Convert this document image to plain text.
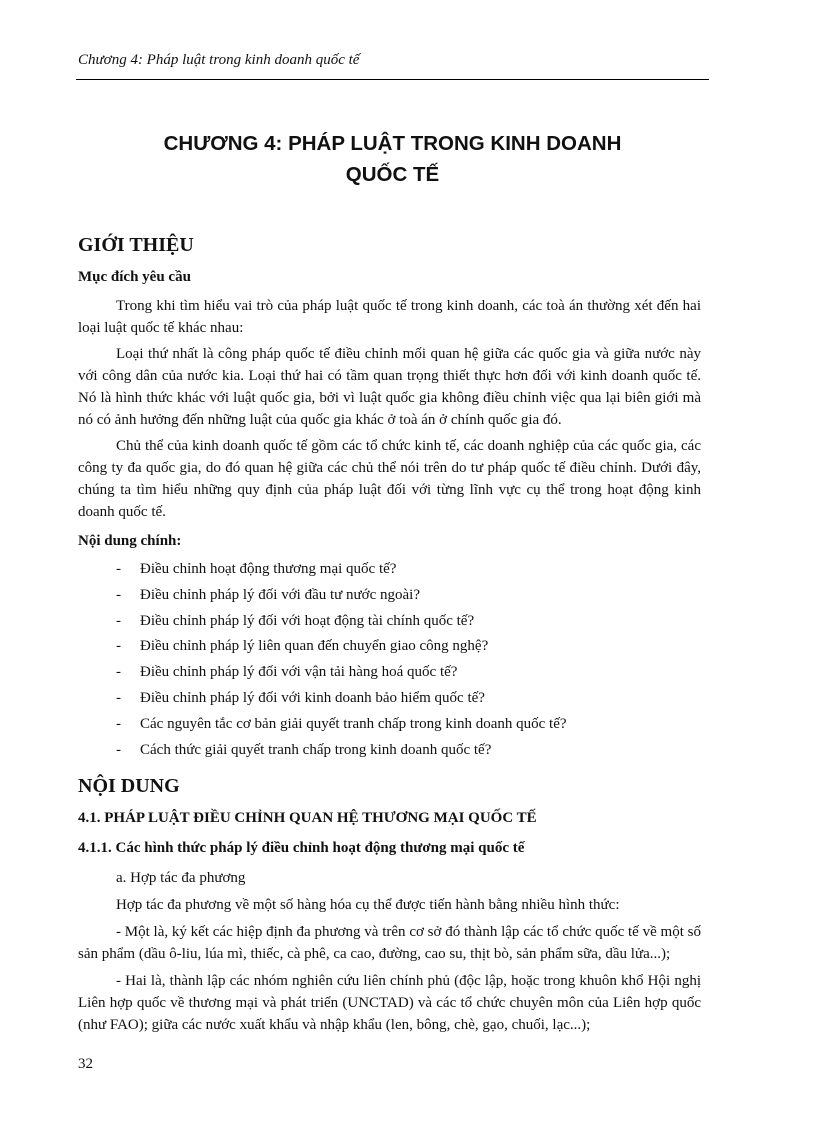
Chương 4: Pháp luật trong kinh doanh quốc tế
CHƯƠNG 4: PHÁP LUẬT TRONG KINH DOANH
QUỐC TẾ
GIỚI THIỆU
Mục đích yêu cầu

Trong khi tìm hiểu vai trò của pháp luật quốc tế trong kinh doanh, các toà án thường xét đến hai loại luật quốc tế khác nhau:

Loại thứ nhất là công pháp quốc tế điều chỉnh mối quan hệ giữa các quốc gia và giữa nước này với công dân của nước kia. Loại thứ hai có tầm quan trọng thiết thực hơn đối với kinh doanh quốc tế. Nó là hình thức khác với luật quốc gia, bởi vì luật quốc gia không điều chỉnh việc qua lại biên giới mà nó có ảnh hưởng đến những luật của quốc gia khác ở toà án ở chính quốc gia đó.

Chủ thể của kinh doanh quốc tế gồm các tổ chức kinh tế, các doanh nghiệp của các quốc gia, các công ty đa quốc gia, do đó quan hệ giữa các chủ thể nói trên do tư pháp quốc tế điều chỉnh. Dưới đây, chúng ta tìm hiểu những quy định của pháp luật đối với từng lĩnh vực cụ thể trong hoạt động kinh doanh quốc tế.

Nội dung chính:
- Điều chỉnh hoạt động thương mại quốc tế?
- Điều chỉnh pháp lý đối với đầu tư nước ngoài?
- Điều chỉnh pháp lý đối với hoạt động tài chính quốc tế?
- Điều chỉnh pháp lý liên quan đến chuyển giao công nghệ?
- Điều chỉnh pháp lý đối với vận tải hàng hoá quốc tế?
- Điều chỉnh pháp lý đối với kinh doanh bảo hiểm quốc tế?
- Các nguyên tắc cơ bản giải quyết tranh chấp trong kinh doanh quốc tế?
- Cách thức giải quyết tranh chấp trong kinh doanh quốc tế?
NỘI DUNG
4.1. PHÁP LUẬT ĐIỀU CHỈNH QUAN HỆ THƯƠNG MẠI QUỐC TẾ
4.1.1. Các hình thức pháp lý điều chỉnh hoạt động thương mại quốc tế

a. Hợp tác đa phương

Hợp tác đa phương về một số hàng hóa cụ thể được tiến hành bằng nhiều hình thức:

- Một là, ký kết các hiệp định đa phương và trên cơ sở đó thành lập các tổ chức quốc tế về một số sản phẩm (dầu ô-liu, lúa mì, thiếc, cà phê, ca cao, đường, cao su, thịt bò, sản phẩm sữa, dầu lửa...);

- Hai là, thành lập các nhóm nghiên cứu liên chính phủ (độc lập, hoặc trong khuôn khổ Hội nghị Liên hợp quốc về thương mại và phát triển (UNCTAD) và các tổ chức chuyên môn của Liên hợp quốc (như FAO); giữa các nước xuất khẩu và nhập khẩu (len, bông, chè, gạo, chuối, lạc...);

32
